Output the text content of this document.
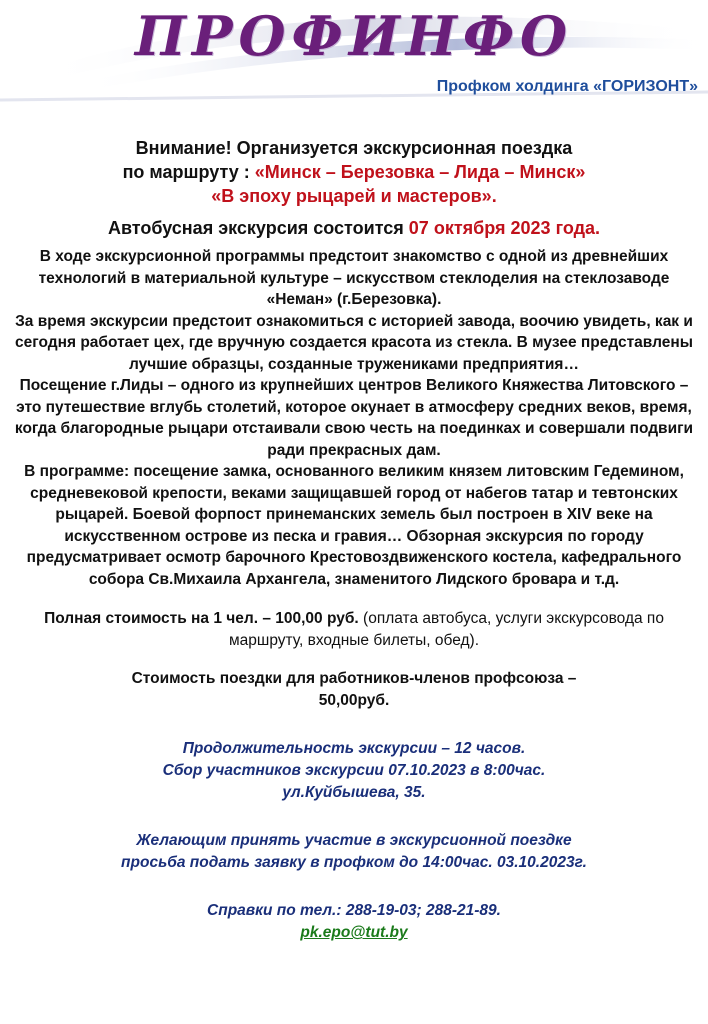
ПРОФИНФО
Профком холдинга «ГОРИЗОНТ»
Внимание! Организуется экскурсионная поездка
по маршруту : «Минск – Березовка – Лида – Минск»
«В эпоху рыцарей и мастеров».
Автобусная экскурсия состоится 07 октября 2023 года.

В ходе экскурсионной программы предстоит знакомство с одной из древнейших технологий в материальной культуре – искусством стеклоделия на стеклозаводе «Неман» (г.Березовка).

За время экскурсии предстоит ознакомиться с историей завода, воочию увидеть, как и сегодня работает цех, где вручную создается красота из стекла. В музее представлены лучшие образцы, созданные тружениками предприятия…

Посещение г.Лиды – одного из крупнейших центров Великого Княжества Литовского – это путешествие вглубь столетий, которое окунает в атмосферу средних веков, время, когда благородные рыцари отстаивали свою честь на поединках и совершали подвиги ради прекрасных дам.

В программе: посещение замка, основанного великим князем литовским Гедемином, средневековой крепости, веками защищавшей город от набегов татар и тевтонских рыцарей. Боевой форпост принеманских земель был построен в XIV веке на искусственном острове из песка и гравия… Обзорная экскурсия по городу предусматривает осмотр барочного Крестовоздвиженского костела, кафедрального собора Св.Михаила Архангела, знаменитого Лидского бровара и т.д.

Полная стоимость на 1 чел. – 100,00 руб. (оплата автобуса, услуги экскурсовода по маршруту, входные билеты, обед).
Стоимость поездки для работников-членов профсоюза –
50,00руб.
Продолжительность экскурсии – 12 часов.
Сбор участников экскурсии 07.10.2023 в 8:00час.
ул.Куйбышева, 35.
Желающим принять участие в экскурсионной поездке
просьба подать заявку в профком до 14:00час. 03.10.2023г.
Справки по тел.: 288-19-03; 288-21-89.
pk.epo@tut.by
